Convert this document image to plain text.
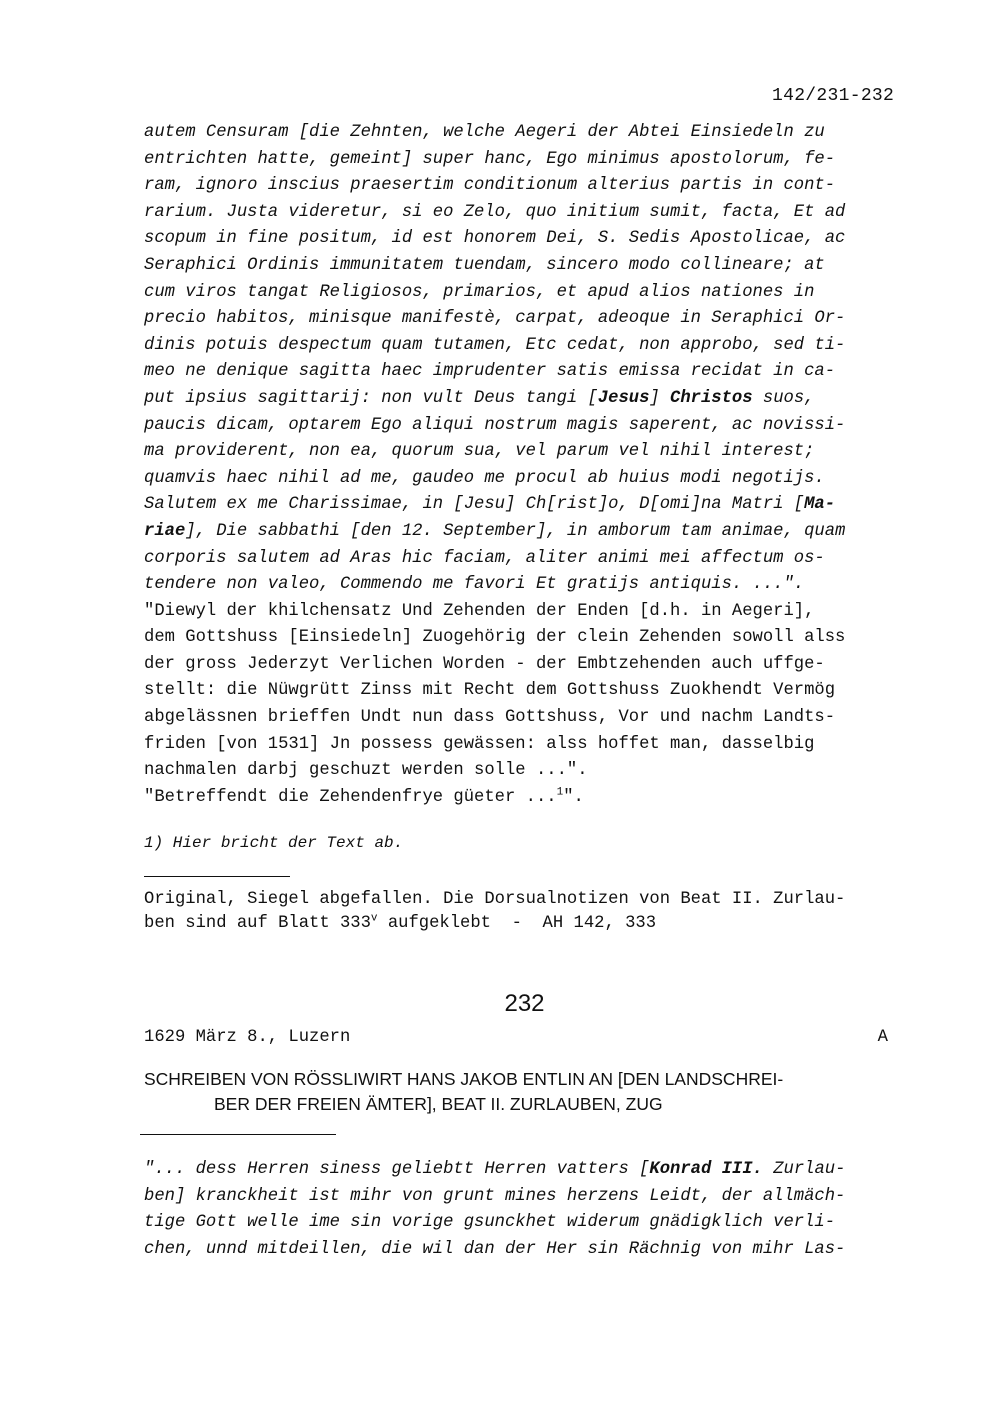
142/231-232
autem Censuram [die Zehnten, welche Aegeri der Abtei Einsiedeln zu
entrichten hatte, gemeint] super hanc, Ego minimus apostolorum, fe-
ram, ignoro inscius praesertim conditionum alterius partis in cont-
rarium. Justa videretur, si eo Zelo, quo initium sumit, facta, Et ad
scopum in fine positum, id est honorem Dei, S. Sedis Apostolicae, ac
Seraphici Ordinis immunitatem tuendam, sincero modo collineare; at
cum viros tangat Religiosos, primarios, et apud alios nationes in
precio habitos, minisque manifestè, carpat, adeoque in Seraphici Or-
dinis potuis despectum quam tutamen, Etc cedat, non approbo, sed ti-
meo ne denique sagitta haec imprudenter satis emissa recidat in ca-
put ipsius sagittarij: non vult Deus tangi [Jesus] Christos suos,
paucis dicam, optarem Ego aliqui nostrum magis saperent, ac novissi-
ma providerent, non ea, quorum sua, vel parum vel nihil interest;
quamvis haec nihil ad me, gaudeo me procul ab huius modi negotijs.
Salutem ex me Charissimae, in [Jesu] Ch[rist]o, D[omi]na Matri [Ma-
riae], Die sabbathi [den 12. September], in amborum tam animae, quam
corporis salutem ad Aras hic faciam, aliter animi mei affectum os-
tendere non valeo, Commendo me favori Et gratijs antiquis. ...".
"Diewyl der khilchensatz Und Zehenden der Enden [d.h. in Aegeri],
dem Gottshuss [Einsiedeln] Zuogehörig der clein Zehenden sowoll alss
der gross Jederzyt Verlichen Worden - der Embtzehenden auch uffge-
stellt: die Nüwgrütt Zinss mit Recht dem Gottshuss Zuokhendt Vermög
abgelässnen brieffen Undt nun dass Gottshuss, Vor und nachm Landts-
friden [von 1531] Jn possess gewässen: alss hoffet man, dasselbig
nachmalen darbj geschuzt werden solle ...".
"Betreffendt die Zehendenfrye güeter ...$^1$".
1) Hier bricht der Text ab.
Original, Siegel abgefallen. Die Dorsualnotizen von Beat II. Zurlau-
ben sind auf Blatt 333$^v$ aufgeklebt  -  AH 142, 333
232
1629 März 8., Luzern	A
SCHREIBEN VON RÖSSLIWIRT HANS JAKOB ENTLIN AN [DEN LANDSCHREI-
BER DER FREIEN ÄMTER], BEAT II. ZURLAUBEN, ZUG
"... dess Herren siness geliebtt Herren vatters [Konrad III. Zurlau-
ben] kranckheit ist mihr von grunt mines herzens Leidt, der allmäch-
tige Gott welle ime sin vorige gsunckhet widerum gnädigklich verli-
chen, unnd mitdeillen, die wil dan der Her sin Rächnig von mihr Las-
